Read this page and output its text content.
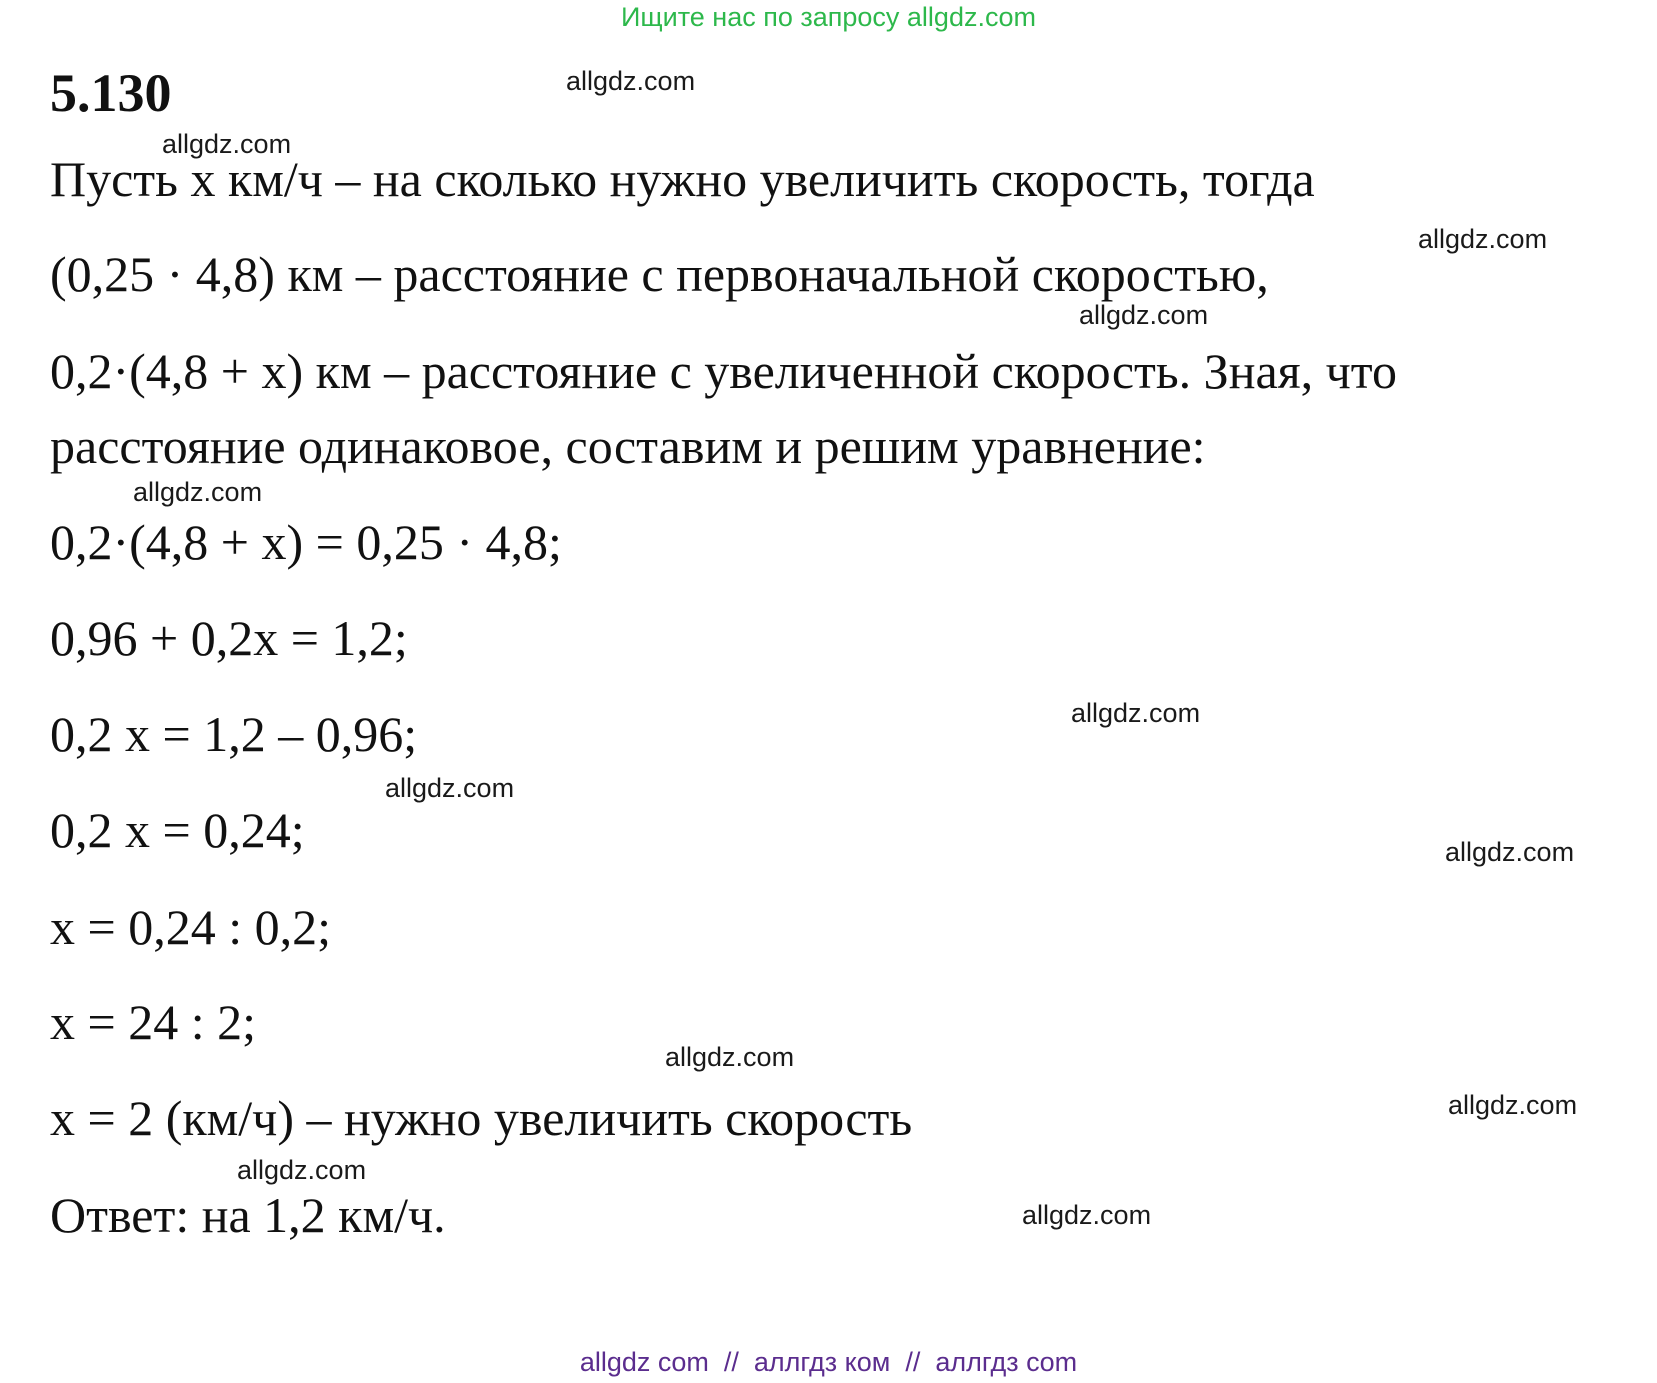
Ищите нас по запросу allgdz.com
5.130
Пусть х км/ч – на сколько нужно увеличить скорость, тогда
(0,25 · 4,8) км – расстояние с первоначальной скоростью,
0,2·(4,8 + х) км – расстояние с увеличенной скорость. Зная, что
расстояние одинаковое, составим и решим уравнение:
0,2·(4,8 + х) = 0,25 · 4,8;
0,96 + 0,2х = 1,2;
0,2 х = 1,2 – 0,96;
0,2 х = 0,24;
х = 0,24 : 0,2;
х = 24 : 2;
х = 2 (км/ч) – нужно увеличить скорость
Ответ: на 1,2 км/ч.
allgdz.com
allgdz.com
allgdz.com
allgdz.com
allgdz.com
allgdz.com
allgdz.com
allgdz.com
allgdz.com
allgdz.com
allgdz.com
allgdz.com
allgdz com  //  аллгдз ком  //  аллгдз com
